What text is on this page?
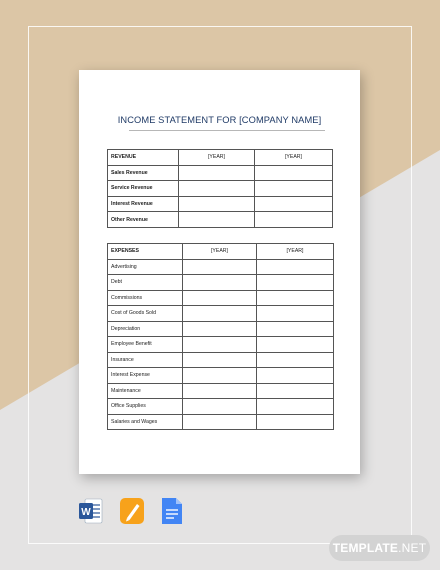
INCOME STATEMENT FOR [COMPANY NAME]
REVENUE	[YEAR]	[YEAR]
Sales Revenue		
Service Revenue		
Interest Revenue		
Other Revenue		
EXPENSES	[YEAR]	[YEAR]
Advertising		
Debt		
Commissions		
Cost of Goods Sold		
Depreciation		
Employee Benefit		
Insurance		
Interest Expense		
Maintenance		
Office Supplies		
Salaries and Wages		
W
TEMPLATE.NET
